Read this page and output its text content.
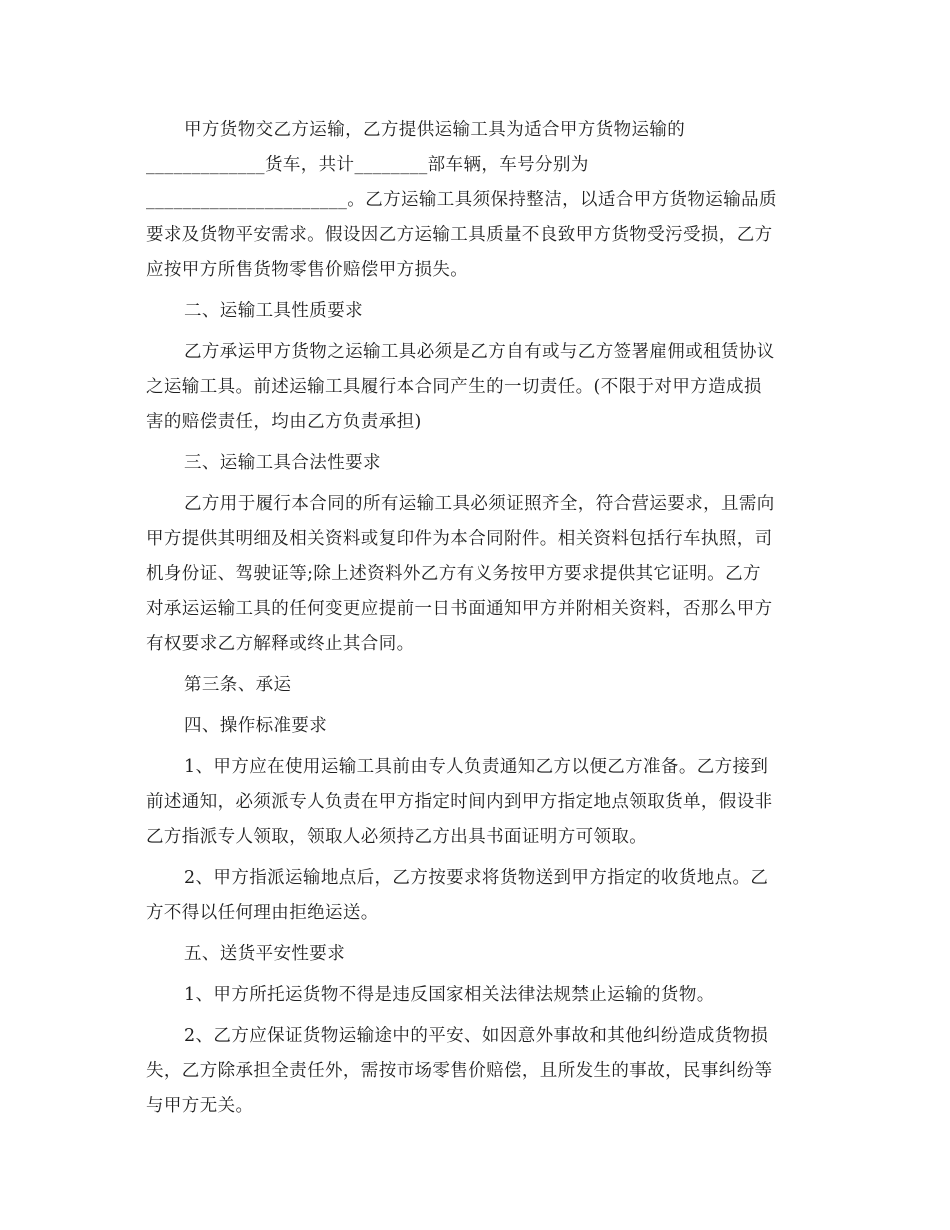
甲方货物交乙方运输，乙方提供运输工具为适合甲方货物运输的
_____________货车，共计________部车辆，车号分别为
______________________。乙方运输工具须保持整洁，以适合甲方货物运输品质
要求及货物平安需求。假设因乙方运输工具质量不良致甲方货物受污受损，乙方
应按甲方所售货物零售价赔偿甲方损失。
二、运输工具性质要求
乙方承运甲方货物之运输工具必须是乙方自有或与乙方签署雇佣或租赁协议
之运输工具。前述运输工具履行本合同产生的一切责任。(不限于对甲方造成损
害的赔偿责任，均由乙方负责承担)
三、运输工具合法性要求
乙方用于履行本合同的所有运输工具必须证照齐全，符合营运要求，且需向
甲方提供其明细及相关资料或复印件为本合同附件。相关资料包括行车执照，司
机身份证、驾驶证等;除上述资料外乙方有义务按甲方要求提供其它证明。乙方
对承运运输工具的任何变更应提前一日书面通知甲方并附相关资料，否那么甲方
有权要求乙方解释或终止其合同。
第三条、承运
四、操作标准要求
1、甲方应在使用运输工具前由专人负责通知乙方以便乙方准备。乙方接到
前述通知，必须派专人负责在甲方指定时间内到甲方指定地点领取货单，假设非
乙方指派专人领取，领取人必须持乙方出具书面证明方可领取。
2、甲方指派运输地点后，乙方按要求将货物送到甲方指定的收货地点。乙
方不得以任何理由拒绝运送。
五、送货平安性要求
1、甲方所托运货物不得是违反国家相关法律法规禁止运输的货物。
2、乙方应保证货物运输途中的平安、如因意外事故和其他纠纷造成货物损
失，乙方除承担全责任外，需按市场零售价赔偿，且所发生的事故，民事纠纷等
与甲方无关。
